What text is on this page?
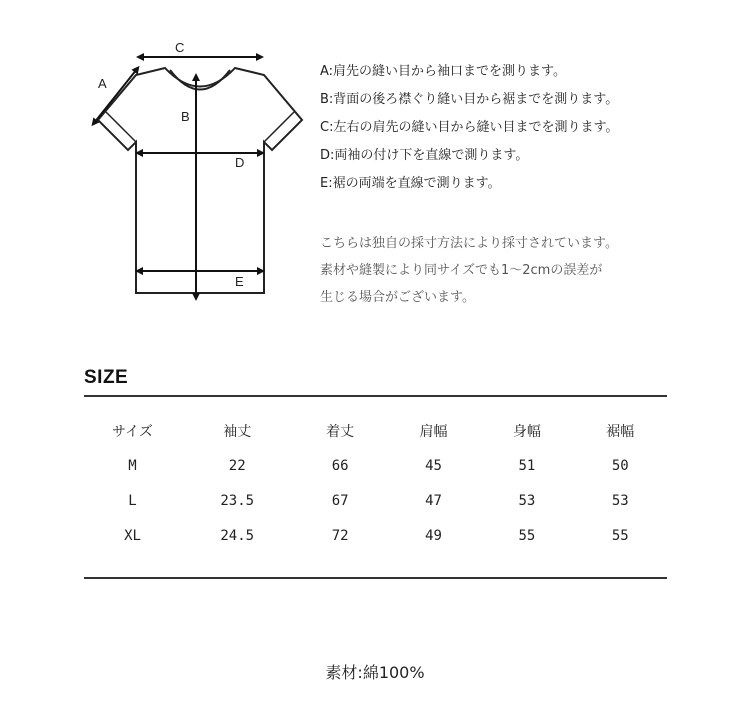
C
A
B
D
E
A:肩先の縫い目から袖口までを測ります。
B:背面の後ろ襟ぐり縫い目から裾までを測ります。
C:左右の肩先の縫い目から縫い目までを測ります。
D:両袖の付け下を直線で測ります。
E:裾の両端を直線で測ります。
こちらは独自の採寸方法により採寸されています。
素材や縫製により同サイズでも1〜2cmの誤差が
生じる場合がございます。
SIZE
サイズ	袖丈	着丈	肩幅	身幅	裾幅
M	22	66	45	51	50
L	23.5	67	47	53	53
XL	24.5	72	49	55	55
素材:綿100%
